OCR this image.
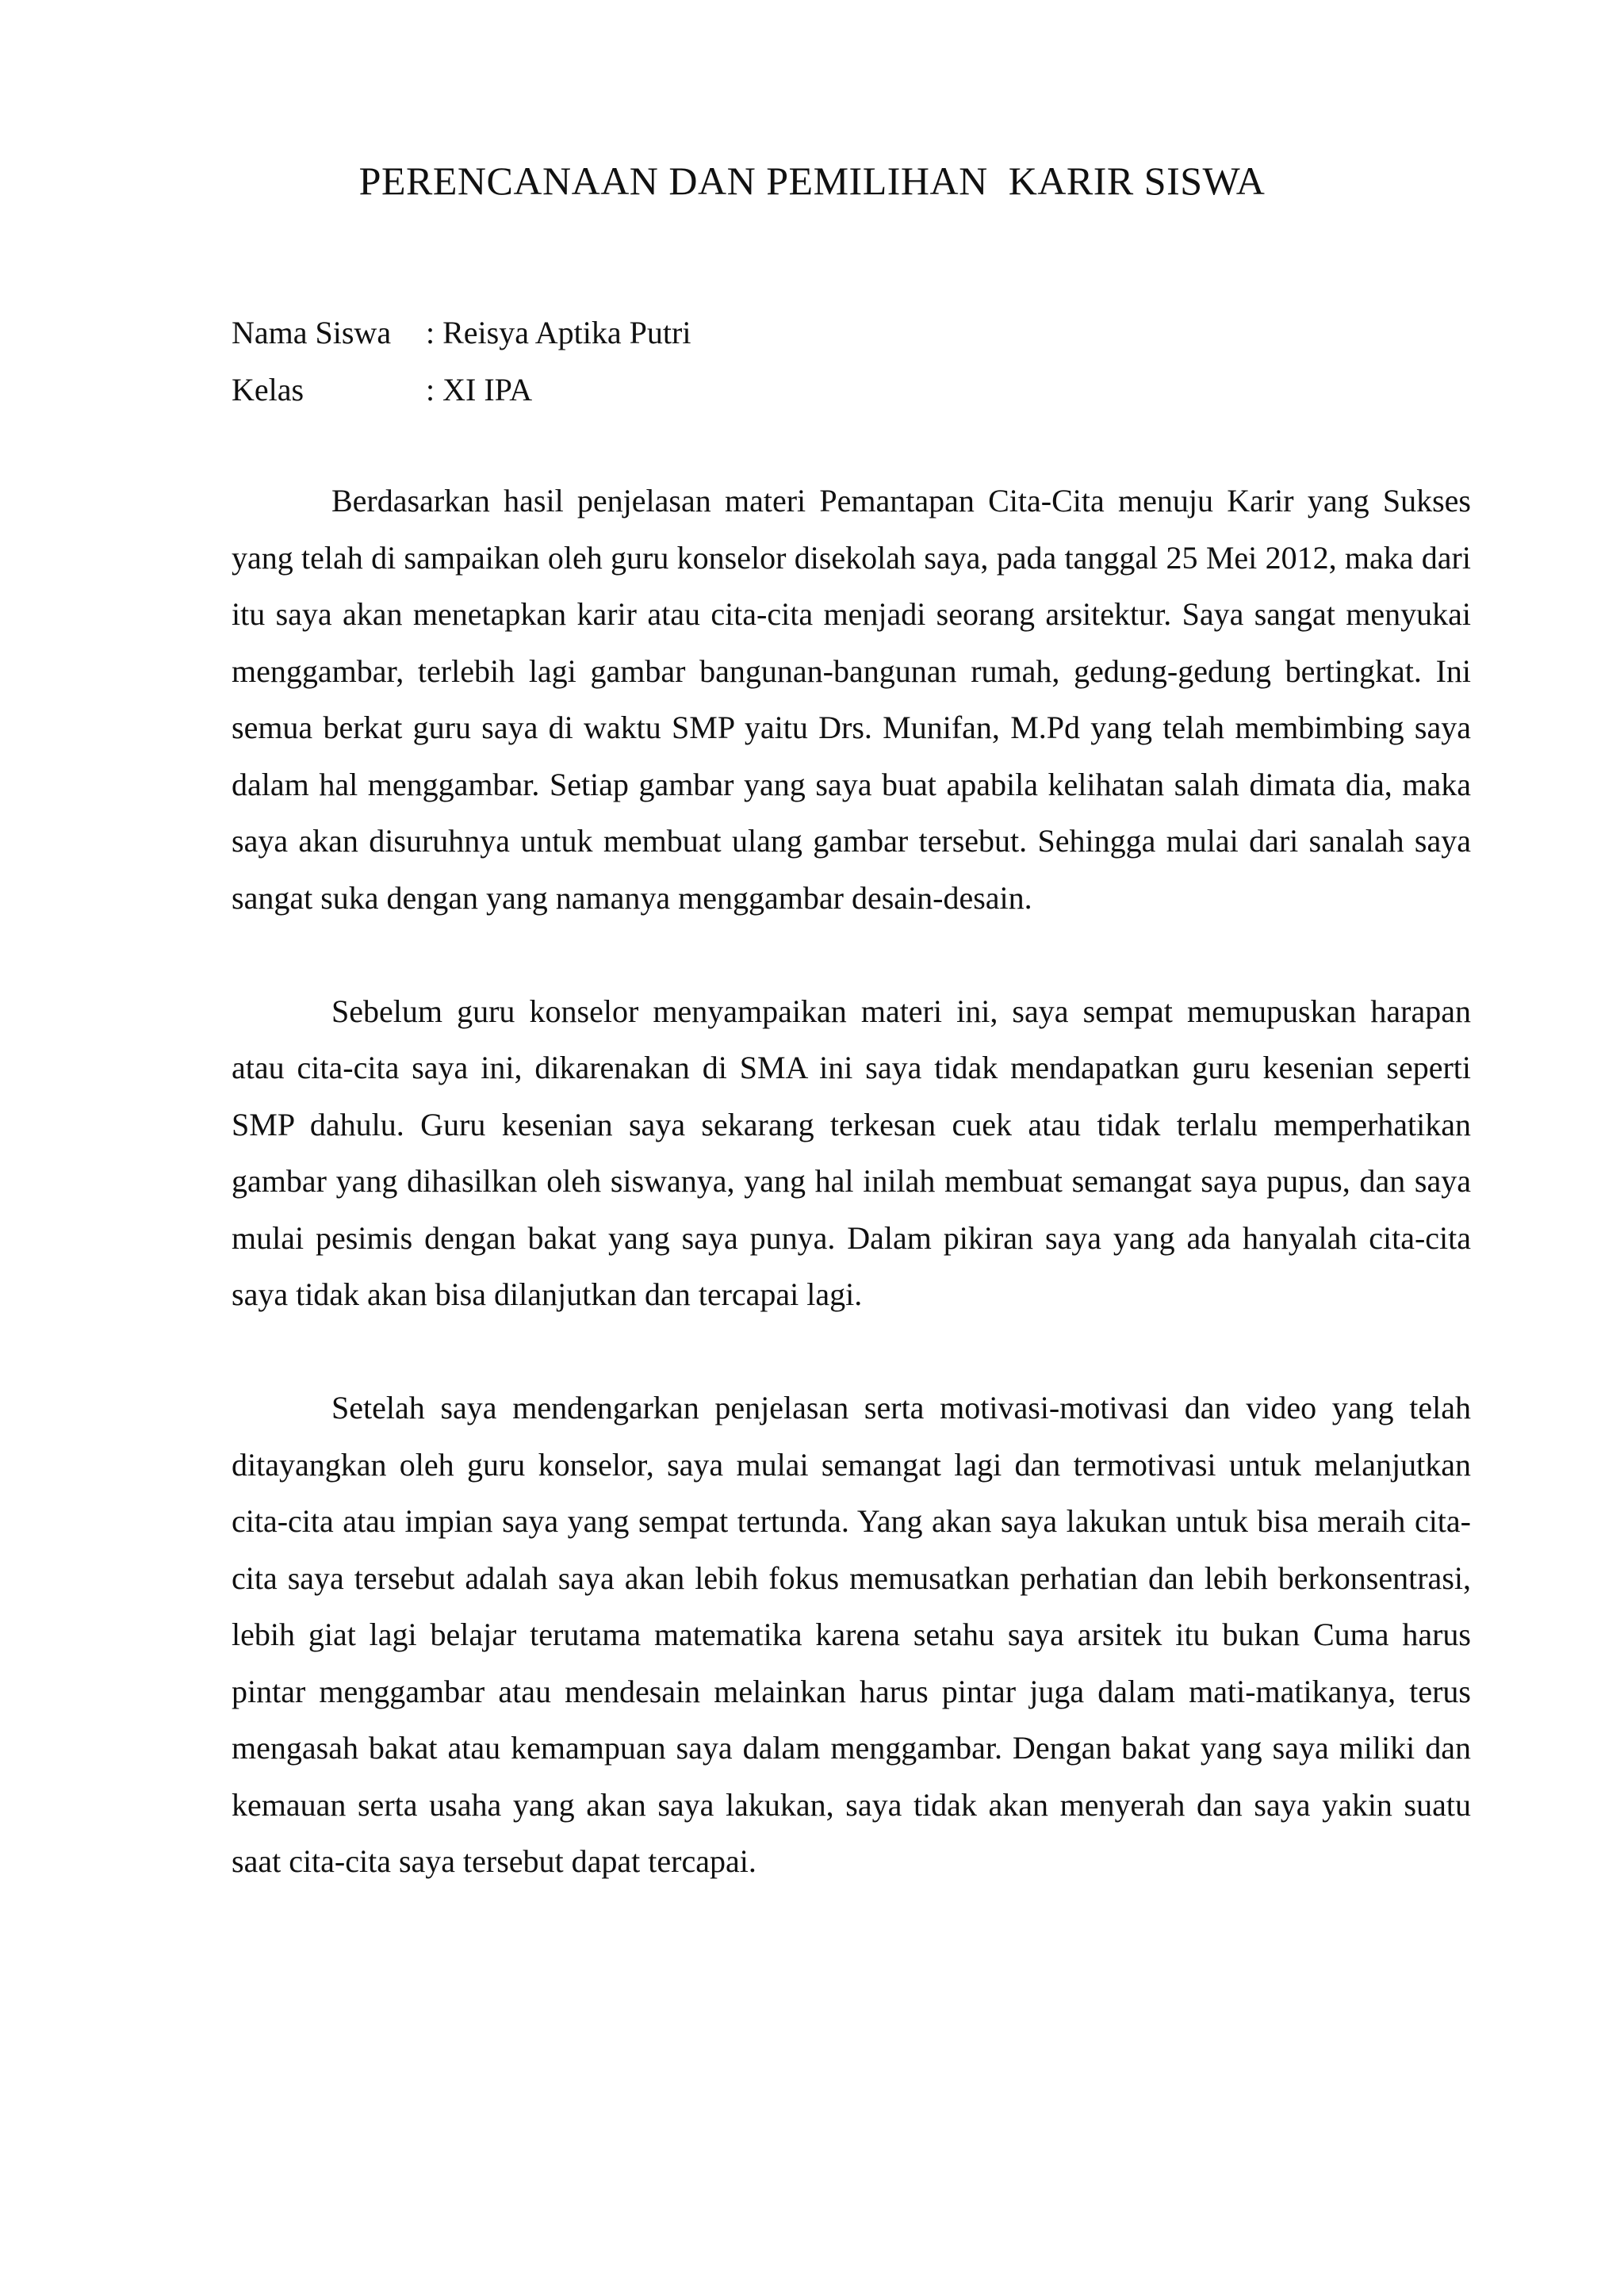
PERENCANAAN DAN PEMILIHAN  KARIR SISWA
Nama Siswa	: Reisya Aptika Putri
Kelas	: XI IPA

Berdasarkan hasil penjelasan materi Pemantapan Cita-Cita menuju Karir yang Sukses yang telah di sampaikan oleh guru konselor disekolah saya, pada tanggal 25 Mei 2012, maka dari itu saya akan menetapkan karir atau cita-cita menjadi seorang arsitektur. Saya sangat menyukai menggambar, terlebih lagi gambar bangunan-bangunan rumah, gedung-gedung bertingkat. Ini semua berkat guru saya di waktu SMP yaitu Drs. Munifan, M.Pd yang telah membimbing saya dalam hal menggambar. Setiap gambar yang saya buat apabila kelihatan salah dimata dia, maka saya akan disuruhnya untuk membuat ulang gambar tersebut. Sehingga mulai dari sanalah saya sangat suka dengan yang namanya menggambar desain-desain.

Sebelum guru konselor menyampaikan materi ini, saya sempat memupuskan harapan atau cita-cita saya ini, dikarenakan di SMA ini saya tidak mendapatkan guru kesenian seperti SMP dahulu. Guru kesenian saya sekarang terkesan cuek atau tidak terlalu memperhatikan gambar yang dihasilkan oleh siswanya, yang hal inilah membuat semangat saya pupus, dan saya mulai pesimis dengan bakat yang saya punya. Dalam pikiran saya yang ada hanyalah cita-cita saya tidak akan bisa dilanjutkan dan tercapai lagi.

Setelah saya mendengarkan penjelasan serta motivasi-motivasi dan video yang telah ditayangkan oleh guru konselor, saya mulai semangat lagi dan termotivasi untuk melanjutkan cita-cita atau impian saya yang sempat tertunda. Yang akan saya lakukan untuk bisa meraih cita-cita saya tersebut adalah saya akan lebih fokus memusatkan perhatian dan lebih berkonsentrasi, lebih giat lagi belajar terutama matematika karena setahu saya arsitek itu bukan Cuma harus pintar menggambar atau mendesain melainkan harus pintar juga dalam mati-matikanya, terus mengasah bakat atau kemampuan saya dalam menggambar. Dengan bakat yang saya miliki dan kemauan serta usaha yang akan saya lakukan, saya tidak akan menyerah dan saya yakin suatu saat cita-cita saya tersebut dapat tercapai.
